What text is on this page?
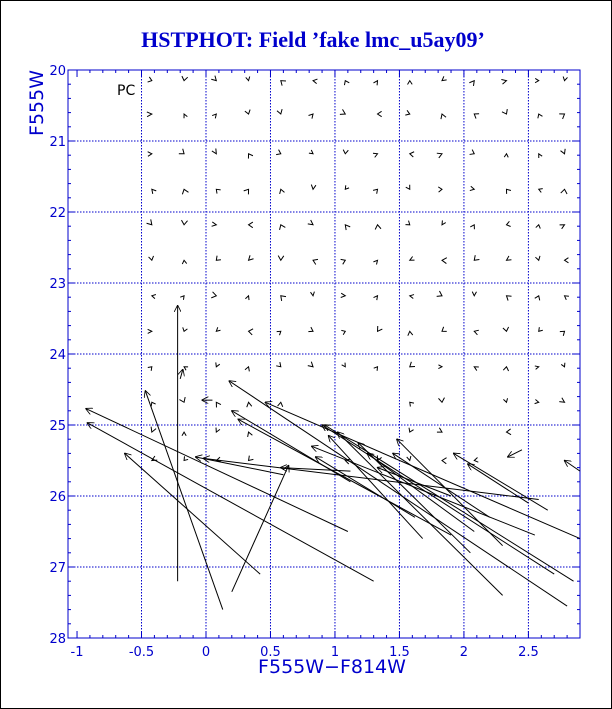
HSTPHOT: Field ’fake lmc_u5ay09’
-1	-0.5	0	0.5	1	1.5	2	2.5
20
21
22
23
24
25
26
27
28
PC
F555W−F814W
F555W
